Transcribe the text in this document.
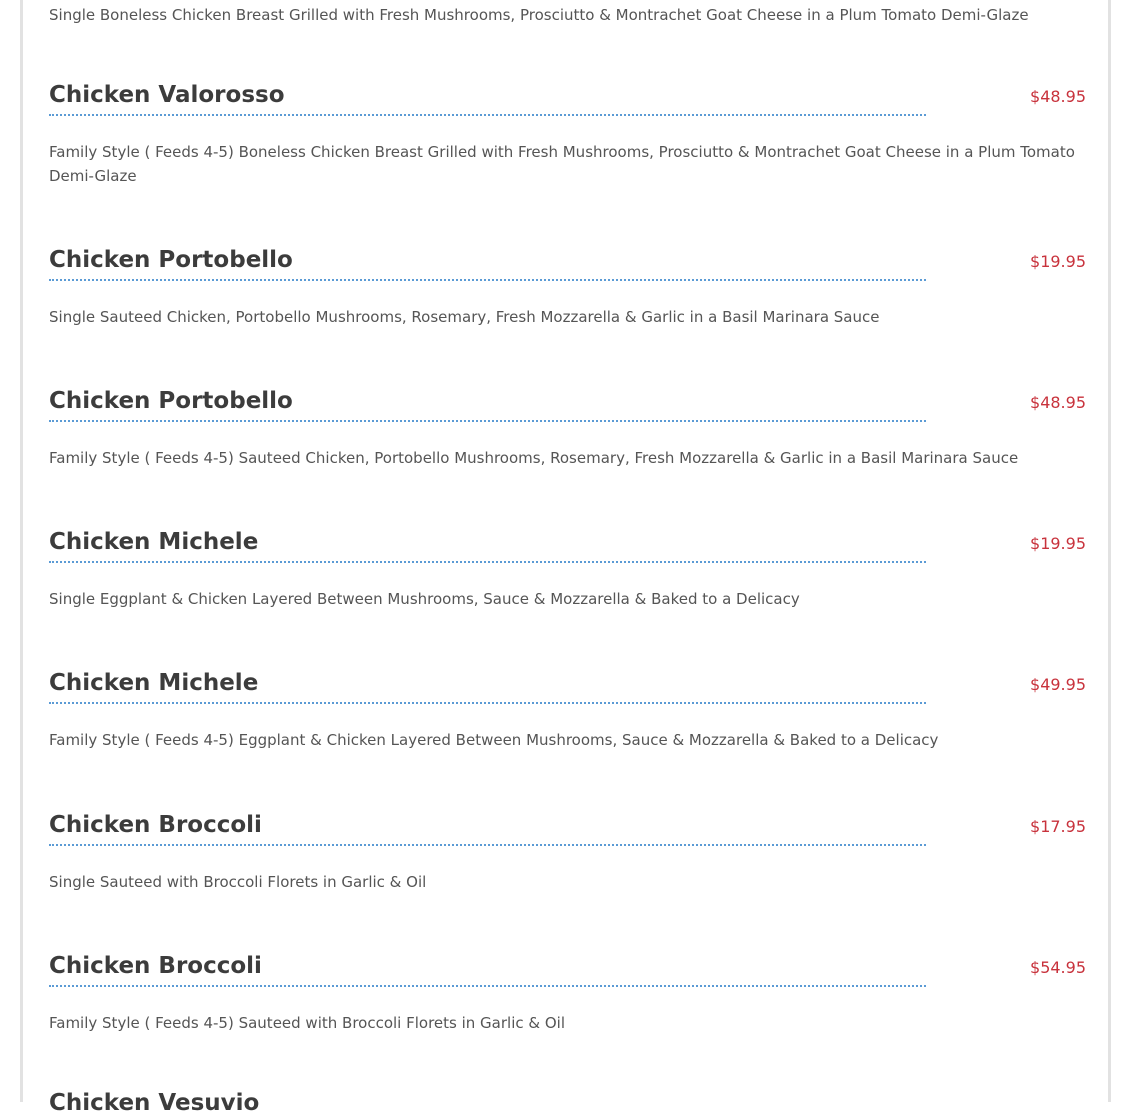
Single Boneless Chicken Breast Grilled with Fresh Mushrooms, Prosciutto & Montrachet Goat Cheese in a Plum Tomato Demi-Glaze
Chicken Valorosso	$48.95
Family Style ( Feeds 4-5) Boneless Chicken Breast Grilled with Fresh Mushrooms, Prosciutto & Montrachet Goat Cheese in a Plum Tomato Demi-Glaze
Chicken Portobello	$19.95
Single Sauteed Chicken, Portobello Mushrooms, Rosemary, Fresh Mozzarella & Garlic in a Basil Marinara Sauce
Chicken Portobello	$48.95
Family Style ( Feeds 4-5) Sauteed Chicken, Portobello Mushrooms, Rosemary, Fresh Mozzarella & Garlic in a Basil Marinara Sauce
Chicken Michele	$19.95
Single Eggplant & Chicken Layered Between Mushrooms, Sauce & Mozzarella & Baked to a Delicacy
Chicken Michele	$49.95
Family Style ( Feeds 4-5) Eggplant & Chicken Layered Between Mushrooms, Sauce & Mozzarella & Baked to a Delicacy
Chicken Broccoli	$17.95
Single Sauteed with Broccoli Florets in Garlic & Oil
Chicken Broccoli	$54.95
Family Style ( Feeds 4-5) Sauteed with Broccoli Florets in Garlic & Oil
Chicken Vesuvio
